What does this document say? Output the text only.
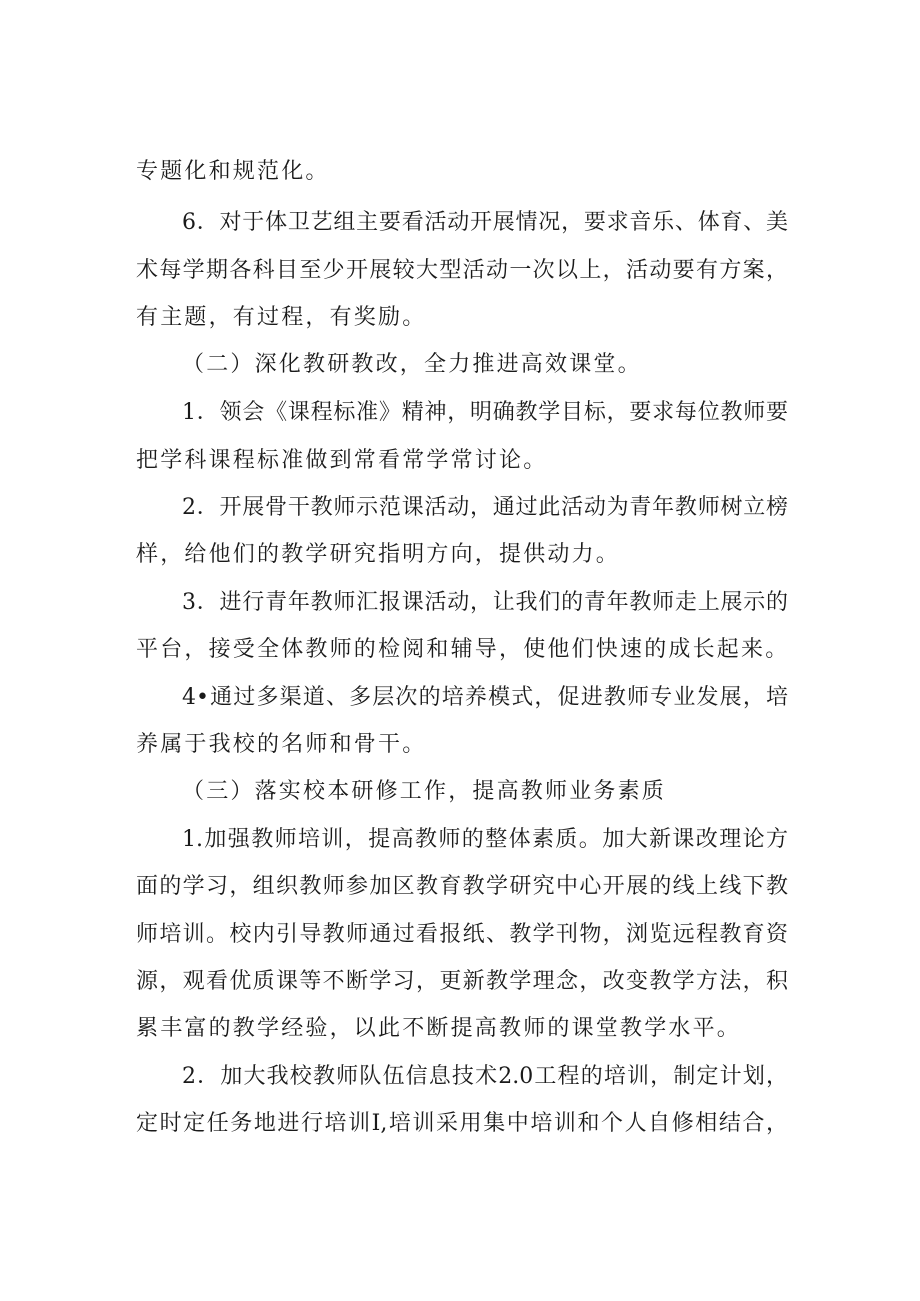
专题化和规范化。
6．对于体卫艺组主要看活动开展情况，要求音乐、体育、美
术每学期各科目至少开展较大型活动一次以上，活动要有方案，
有主题，有过程，有奖励。
（二）深化教研教改，全力推进高效课堂。
1．领会《课程标准》精神，明确教学目标，要求每位教师要
把学科课程标准做到常看常学常讨论。
2．开展骨干教师示范课活动，通过此活动为青年教师树立榜
样，给他们的教学研究指明方向，提供动力。
3．进行青年教师汇报课活动，让我们的青年教师走上展示的
平台，接受全体教师的检阅和辅导，使他们快速的成长起来。
4•通过多渠道、多层次的培养模式，促进教师专业发展，培
养属于我校的名师和骨干。
（三）落实校本研修工作，提高教师业务素质
1.加强教师培训，提高教师的整体素质。加大新课改理论方
面的学习，组织教师参加区教育教学研究中心开展的线上线下教
师培训。校内引导教师通过看报纸、教学刊物，浏览远程教育资
源，观看优质课等不断学习，更新教学理念，改变教学方法，积
累丰富的教学经验，以此不断提高教师的课堂教学水平。
2．加大我校教师队伍信息技术2.0工程的培训，制定计划，
定时定任务地进行培训I,培训采用集中培训和个人自修相结合，
